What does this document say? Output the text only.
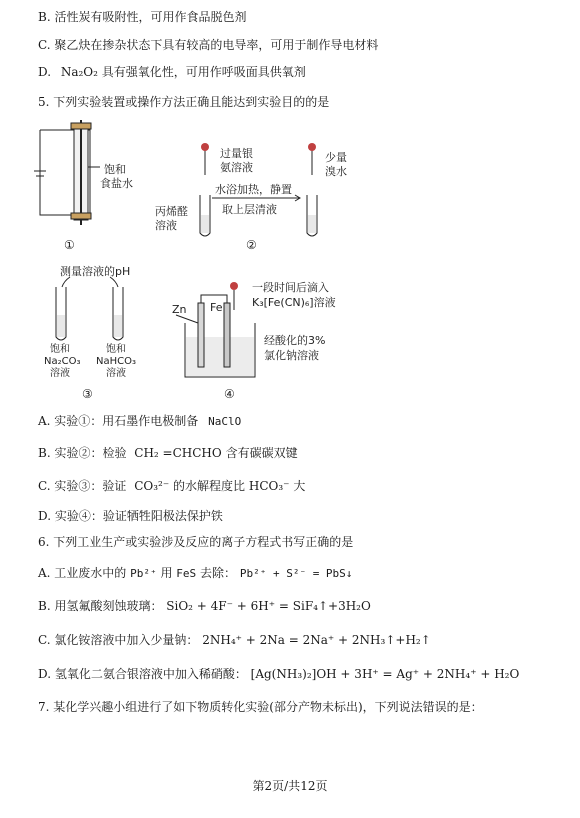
B. 活性炭有吸附性，可用作食品脱色剂
C. 聚乙炔在掺杂状态下具有较高的电导率，可用于制作导电材料
D. Na₂O₂ 具有强氧化性，可用作呼吸面具供氧剂
5. 下列实验装置或操作方法正确且能达到实验目的的是
饱和
食盐水
①
过量银
氨溶液
水浴加热，静置
取上层清液
少量
溴水
丙烯醛
溶液
②
测量溶液的pH
饱和
Na₂CO₃
溶液
饱和
NaHCO₃
溶液
③
Zn Fe
一段时间后滴入
K₃[Fe(CN)₆]溶液
经酸化的3%
氯化钠溶液
④
A. 实验①：用石墨作电极制备 NaClO
B. 实验②：检验 CH₂ =CHCHO 含有碳碳双键
C. 实验③：验证 CO₃²⁻ 的水解程度比 HCO₃⁻ 大
D. 实验④：验证牺牲阳极法保护铁
6. 下列工业生产或实验涉及反应的离子方程式书写正确的是
A. 工业废水中的 Pb²⁺ 用 FeS 去除： Pb²⁺ + S²⁻ = PbS↓
B. 用氢氟酸刻蚀玻璃： SiO₂ + 4F⁻ + 6H⁺ = SiF₄↑+3H₂O
C. 氯化铵溶液中加入少量钠： 2NH₄⁺ + 2Na = 2Na⁺ + 2NH₃↑+H₂↑
D. 氢氧化二氨合银溶液中加入稀硝酸： [Ag(NH₃)₂]OH + 3H⁺ = Ag⁺ + 2NH₄⁺ + H₂O
7. 某化学兴趣小组进行了如下物质转化实验(部分产物未标出)，下列说法错误的是：
第2页/共12页
